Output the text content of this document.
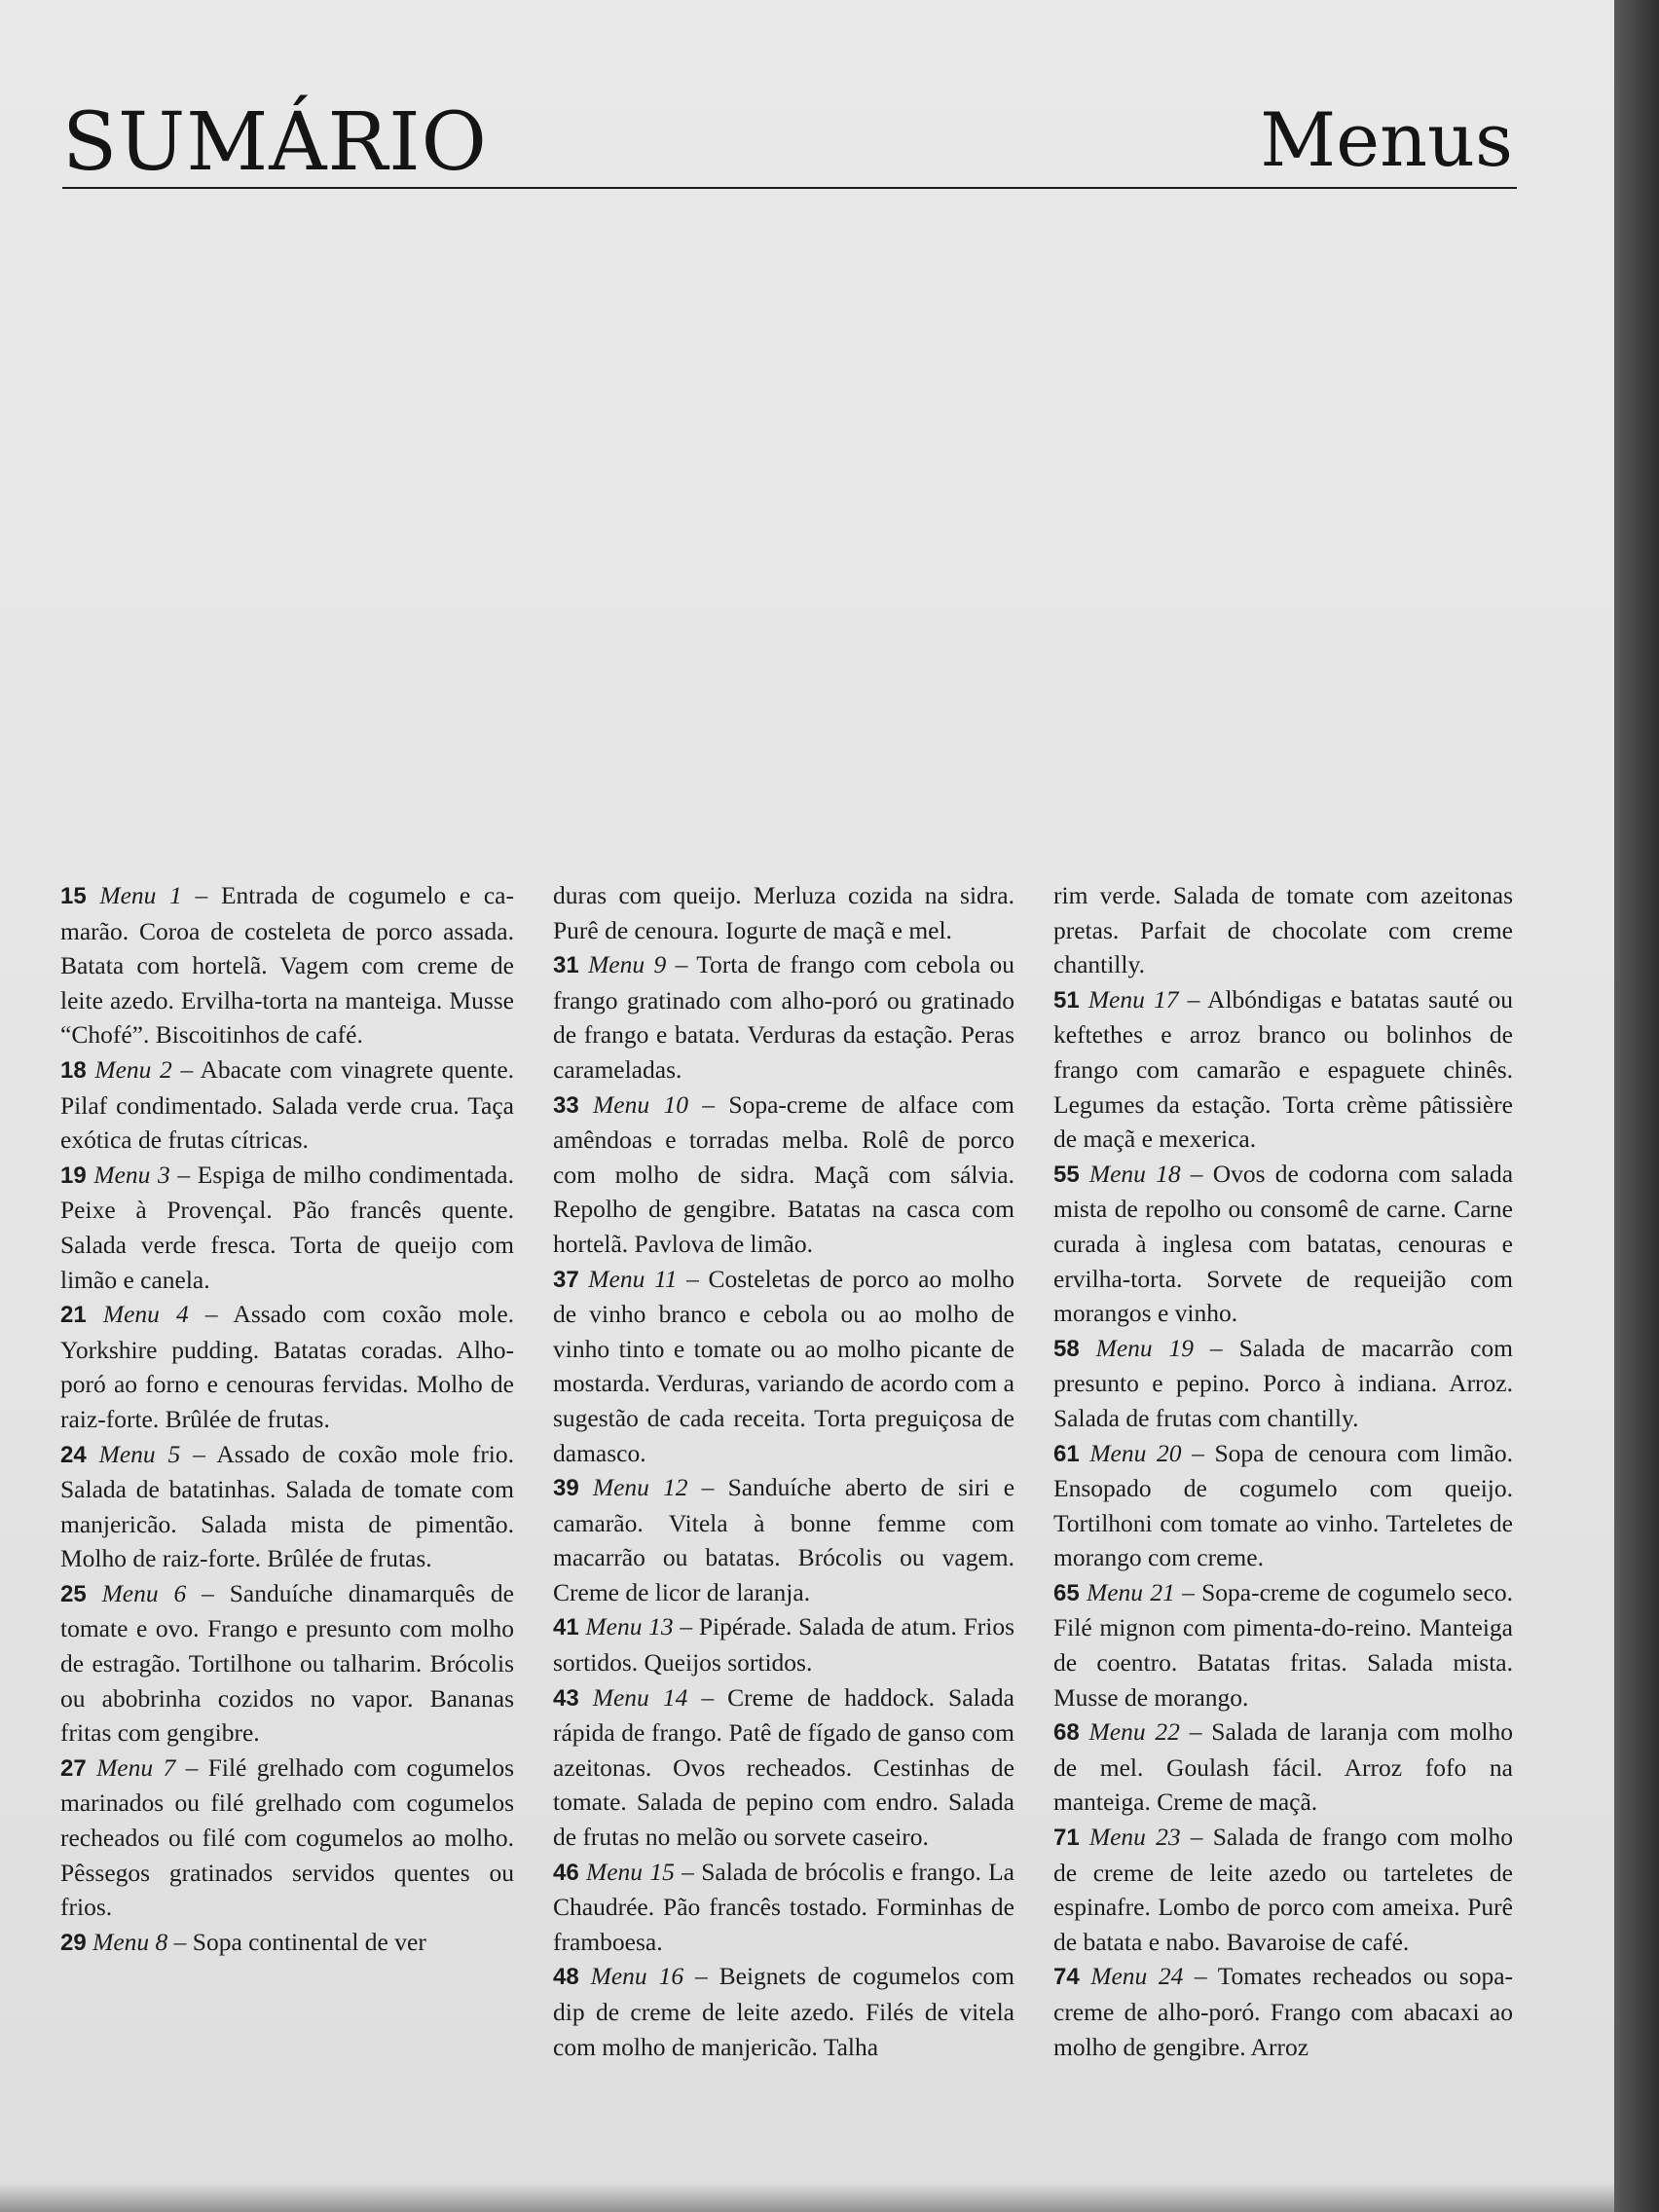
SUMÁRIO	Menus

15 Menu 1 – Entrada de cogumelo e camarão. Coroa de costeleta de porco assada. Batata com hortelã. Vagem com creme de leite azedo. Ervilha-torta na manteiga. Musse “Chofé”. Biscoitinhos de café.

18 Menu 2 – Abacate com vinagrete quente. Pilaf condimentado. Salada verde crua. Taça exótica de frutas cítricas.

19 Menu 3 – Espiga de milho condimentada. Peixe à Provençal. Pão francês quente. Salada verde fresca. Torta de queijo com limão e canela.

21 Menu 4 – Assado com coxão mole. Yorkshire pudding. Batatas coradas. Alho-poró ao forno e cenouras fervidas. Molho de raiz-forte. Brûlée de frutas.

24 Menu 5 – Assado de coxão mole frio. Salada de batatinhas. Salada de tomate com manjericão. Salada mista de pimentão. Molho de raiz-forte. Brûlée de frutas.

25 Menu 6 – Sanduíche dinamarquês de tomate e ovo. Frango e presunto com molho de estragão. Tortilhone ou talharim. Brócolis ou abobrinha cozidos no vapor. Bananas fritas com gengibre.

27 Menu 7 – Filé grelhado com cogumelos marinados ou filé grelhado com cogumelos recheados ou filé com cogumelos ao molho. Pêssegos gratinados servidos quentes ou frios.

29 Menu 8 – Sopa continental de ver

duras com queijo. Merluza cozida na sidra. Purê de cenoura. Iogurte de maçã e mel.

31 Menu 9 – Torta de frango com cebola ou frango gratinado com alho-poró ou gratinado de frango e batata. Verduras da estação. Peras carameladas.

33 Menu 10 – Sopa-creme de alface com amêndoas e torradas melba. Rolê de porco com molho de sidra. Maçã com sálvia. Repolho de gengibre. Batatas na casca com hortelã. Pavlova de limão.

37 Menu 11 – Costeletas de porco ao molho de vinho branco e cebola ou ao molho de vinho tinto e tomate ou ao molho picante de mostarda. Verduras, variando de acordo com a sugestão de cada receita. Torta preguiçosa de damasco.

39 Menu 12 – Sanduíche aberto de siri e camarão. Vitela à bonne femme com macarrão ou batatas. Brócolis ou vagem. Creme de licor de laranja.

41 Menu 13 – Pipérade. Salada de atum. Frios sortidos. Queijos sortidos.

43 Menu 14 – Creme de haddock. Salada rápida de frango. Patê de fígado de ganso com azeitonas. Ovos recheados. Cestinhas de tomate. Salada de pepino com endro. Salada de frutas no melão ou sorvete caseiro.

46 Menu 15 – Salada de brócolis e frango. La Chaudrée. Pão francês tostado. Forminhas de framboesa.

48 Menu 16 – Beignets de cogumelos com dip de creme de leite azedo. Filés de vitela com molho de manjericão. Talha

rim verde. Salada de tomate com azeitonas pretas. Parfait de chocolate com creme chantilly.

51 Menu 17 – Albóndigas e batatas sauté ou keftethes e arroz branco ou bolinhos de frango com camarão e espaguete chinês. Legumes da estação. Torta crème pâtissière de maçã e mexerica.

55 Menu 18 – Ovos de codorna com salada mista de repolho ou consomê de carne. Carne curada à inglesa com batatas, cenouras e ervilha-torta. Sorvete de requeijão com morangos e vinho.

58 Menu 19 – Salada de macarrão com presunto e pepino. Porco à indiana. Arroz. Salada de frutas com chantilly.

61 Menu 20 – Sopa de cenoura com limão. Ensopado de cogumelo com queijo. Tortilhoni com tomate ao vinho. Tarteletes de morango com creme.

65 Menu 21 – Sopa-creme de cogumelo seco. Filé mignon com pimenta-do-reino. Manteiga de coentro. Batatas fritas. Salada mista. Musse de morango.

68 Menu 22 – Salada de laranja com molho de mel. Goulash fácil. Arroz fofo na manteiga. Creme de maçã.

71 Menu 23 – Salada de frango com molho de creme de leite azedo ou tarteletes de espinafre. Lombo de porco com ameixa. Purê de batata e nabo. Bavaroise de café.

74 Menu 24 – Tomates recheados ou sopa-creme de alho-poró. Frango com abacaxi ao molho de gengibre. Arroz
